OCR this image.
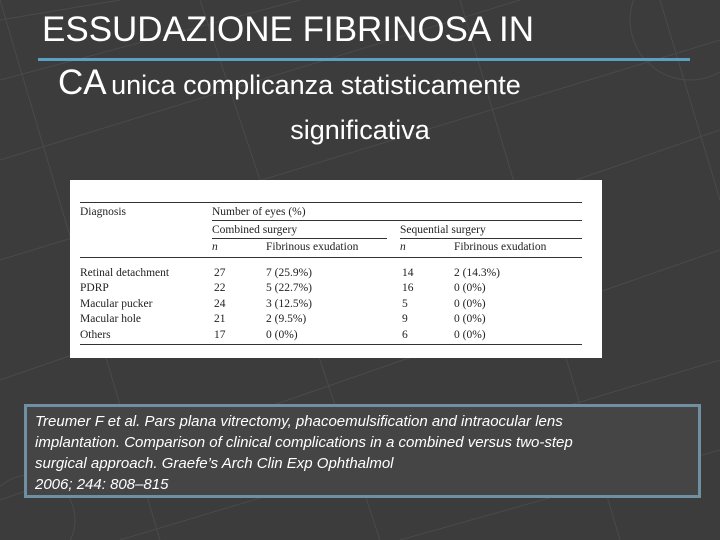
ESSUDAZIONE FIBRINOSA IN
CA unica complicanza statisticamente
significativa
Diagnosis	Number of eyes (%)
Combined surgery	Sequential surgery
n	Fibrinous exudation	n	Fibrinous exudation
Retinal detachment	27	7 (25.9%)	14	2 (14.3%)
PDRP	22	5 (22.7%)	16	0 (0%)
Macular pucker	24	3 (12.5%)	5	0 (0%)
Macular hole	21	2 (9.5%)	9	0 (0%)
Others	17	0 (0%)	6	0 (0%)
Treumer F et al. Pars plana vitrectomy, phacoemulsification and intraocular lens
implantation. Comparison of clinical complications in a combined versus two-step
surgical approach. Graefe’s Arch Clin Exp Ophthalmol
2006; 244: 808–815
